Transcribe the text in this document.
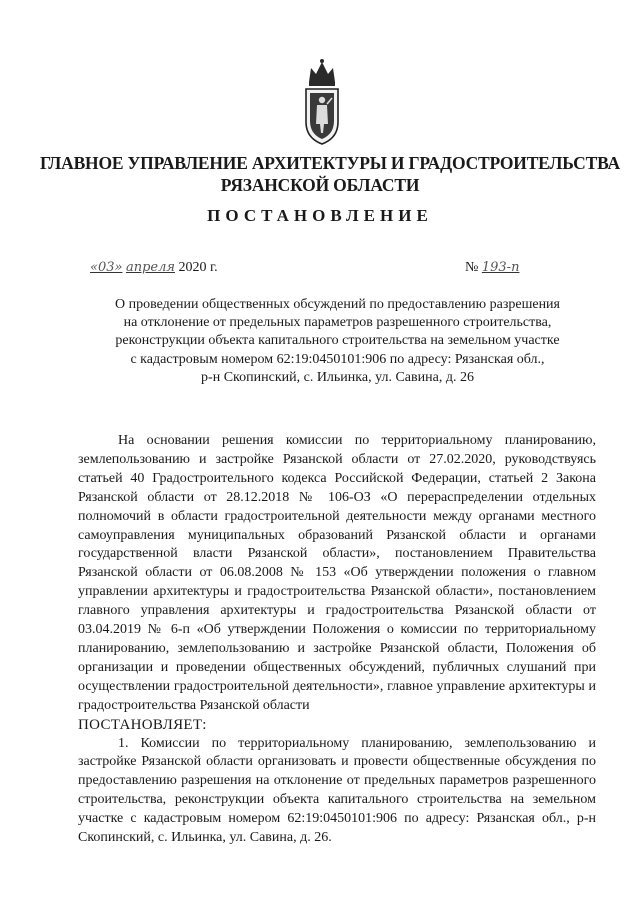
ГЛАВНОЕ УПРАВЛЕНИЕ АРХИТЕКТУРЫ И ГРАДОСТРОИТЕЛЬСТВА
РЯЗАНСКОЙ ОБЛАСТИ
ПОСТАНОВЛЕНИЕ
«03» апреля 2020 г.	№ 193-п
О проведении общественных обсуждений по предоставлению разрешения
на отклонение от предельных параметров разрешенного строительства,
реконструкции объекта капитального строительства на земельном участке
с кадастровым номером 62:19:0450101:906 по адресу: Рязанская обл.,
р-н Скопинский, с. Ильинка, ул. Савина, д. 26

На основании решения комиссии по территориальному планированию, землепользованию и застройке Рязанской области от 27.02.2020, руководствуясь статьей 40 Градостроительного кодекса Российской Федерации, статьей 2 Закона Рязанской области от 28.12.2018 № 106-ОЗ «О перераспределении отдельных полномочий в области градостроительной деятельности между органами местного самоуправления муниципальных образований Рязанской области и органами государственной власти Рязанской области», постановлением Правительства Рязанской области от 06.08.2008 № 153 «Об утверждении положения о главном управлении архитектуры и градостроительства Рязанской области», постановлением главного управления архитектуры и градостроительства Рязанской области от 03.04.2019 № 6-п «Об утверждении Положения о комиссии по территориальному планированию, землепользованию и застройке Рязанской области, Положения об организации и проведении общественных обсуждений, публичных слушаний при осуществлении градостроительной деятельности», главное управление архитектуры и градостроительства Рязанской области

ПОСТАНОВЛЯЕТ:

1. Комиссии по территориальному планированию, землепользованию и застройке Рязанской области организовать и провести общественные обсуждения по предоставлению разрешения на отклонение от предельных параметров разрешенного строительства, реконструкции объекта капитального строительства на земельном участке с кадастровым номером 62:19:0450101:906 по адресу: Рязанская обл., р-н Скопинский, с. Ильинка, ул. Савина, д. 26.
